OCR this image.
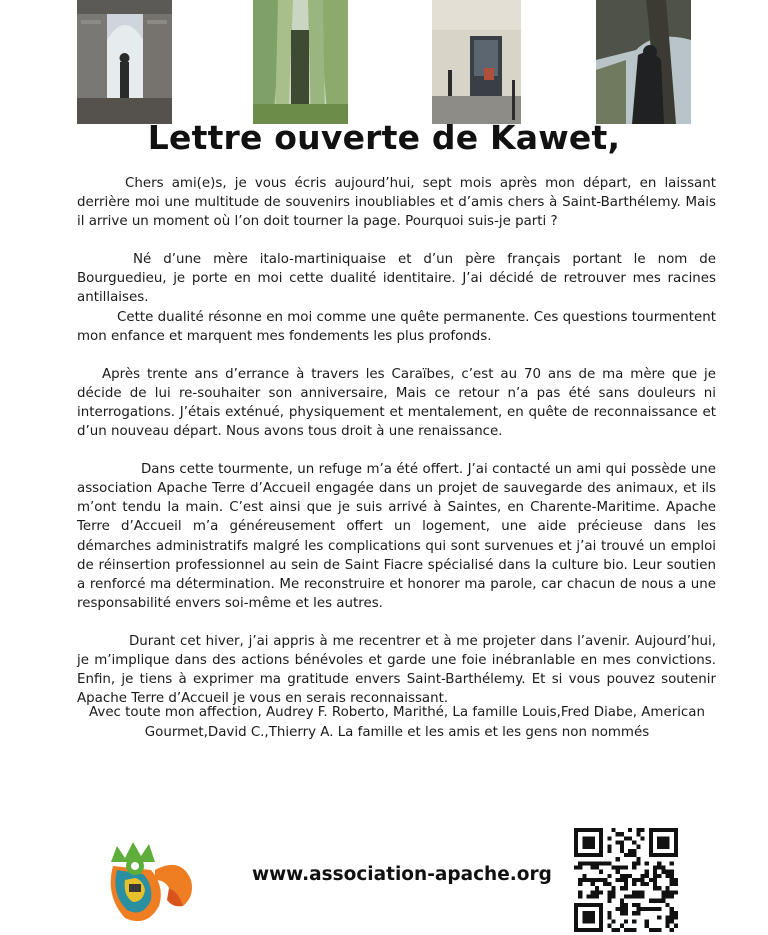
Lettre ouverte de Kawet,

Chers ami(e)s, je vous écris aujourd’hui, sept mois après mon départ, en laissant derrière moi une multitude de souvenirs inoubliables et d’amis chers à Saint-Barthélemy. Mais il arrive un moment où l’on doit tourner la page. Pourquoi suis-je parti ?

Né d’une mère italo-martiniquaise et d’un père français portant le nom de Bourguedieu, je porte en moi cette dualité identitaire. J’ai décidé de retrouver mes racines antillaises.

Cette dualité résonne en moi comme une quête permanente. Ces questions tourmentent mon enfance et marquent mes fondements les plus profonds.

Après trente ans d’errance à travers les Caraïbes, c’est au 70 ans de ma mère que je décide de lui re-souhaiter son anniversaire, Mais ce retour n’a pas été sans douleurs ni interrogations. J’étais exténué, physiquement et mentalement, en quête de reconnaissance et d’un nouveau départ. Nous avons tous droit à une renaissance.

Dans cette tourmente, un refuge m’a été offert. J’ai contacté un ami qui possède une association Apache Terre d’Accueil engagée dans un projet de sauvegarde des animaux, et ils m’ont tendu la main. C’est ainsi que je suis arrivé à Saintes, en Charente-Maritime. Apache Terre d’Accueil m’a généreusement offert un logement, une aide précieuse dans les démarches administratifs malgré les complications qui sont survenues et j’ai trouvé un emploi de réinsertion professionnel au sein de Saint Fiacre spécialisé dans la culture bio. Leur soutien a renforcé ma détermination. Me reconstruire et honorer ma parole, car chacun de nous a une responsabilité envers soi-même et les autres.

Durant cet hiver, j’ai appris à me recentrer et à me projeter dans l’avenir. Aujourd’hui, je m’implique dans des actions bénévoles et garde une foie inébranlable en mes convictions. Enfin, je tiens à exprimer ma gratitude envers Saint-Barthélemy. Et si vous pouvez soutenir Apache Terre d’Accueil je vous en serais reconnaissant.

Avec toute mon affection, Audrey F. Roberto, Marithé, La famille Louis,Fred Diabe, American Gourmet,David C.,Thierry A. La famille et les amis et les gens non nommés

www.association-apache.org
